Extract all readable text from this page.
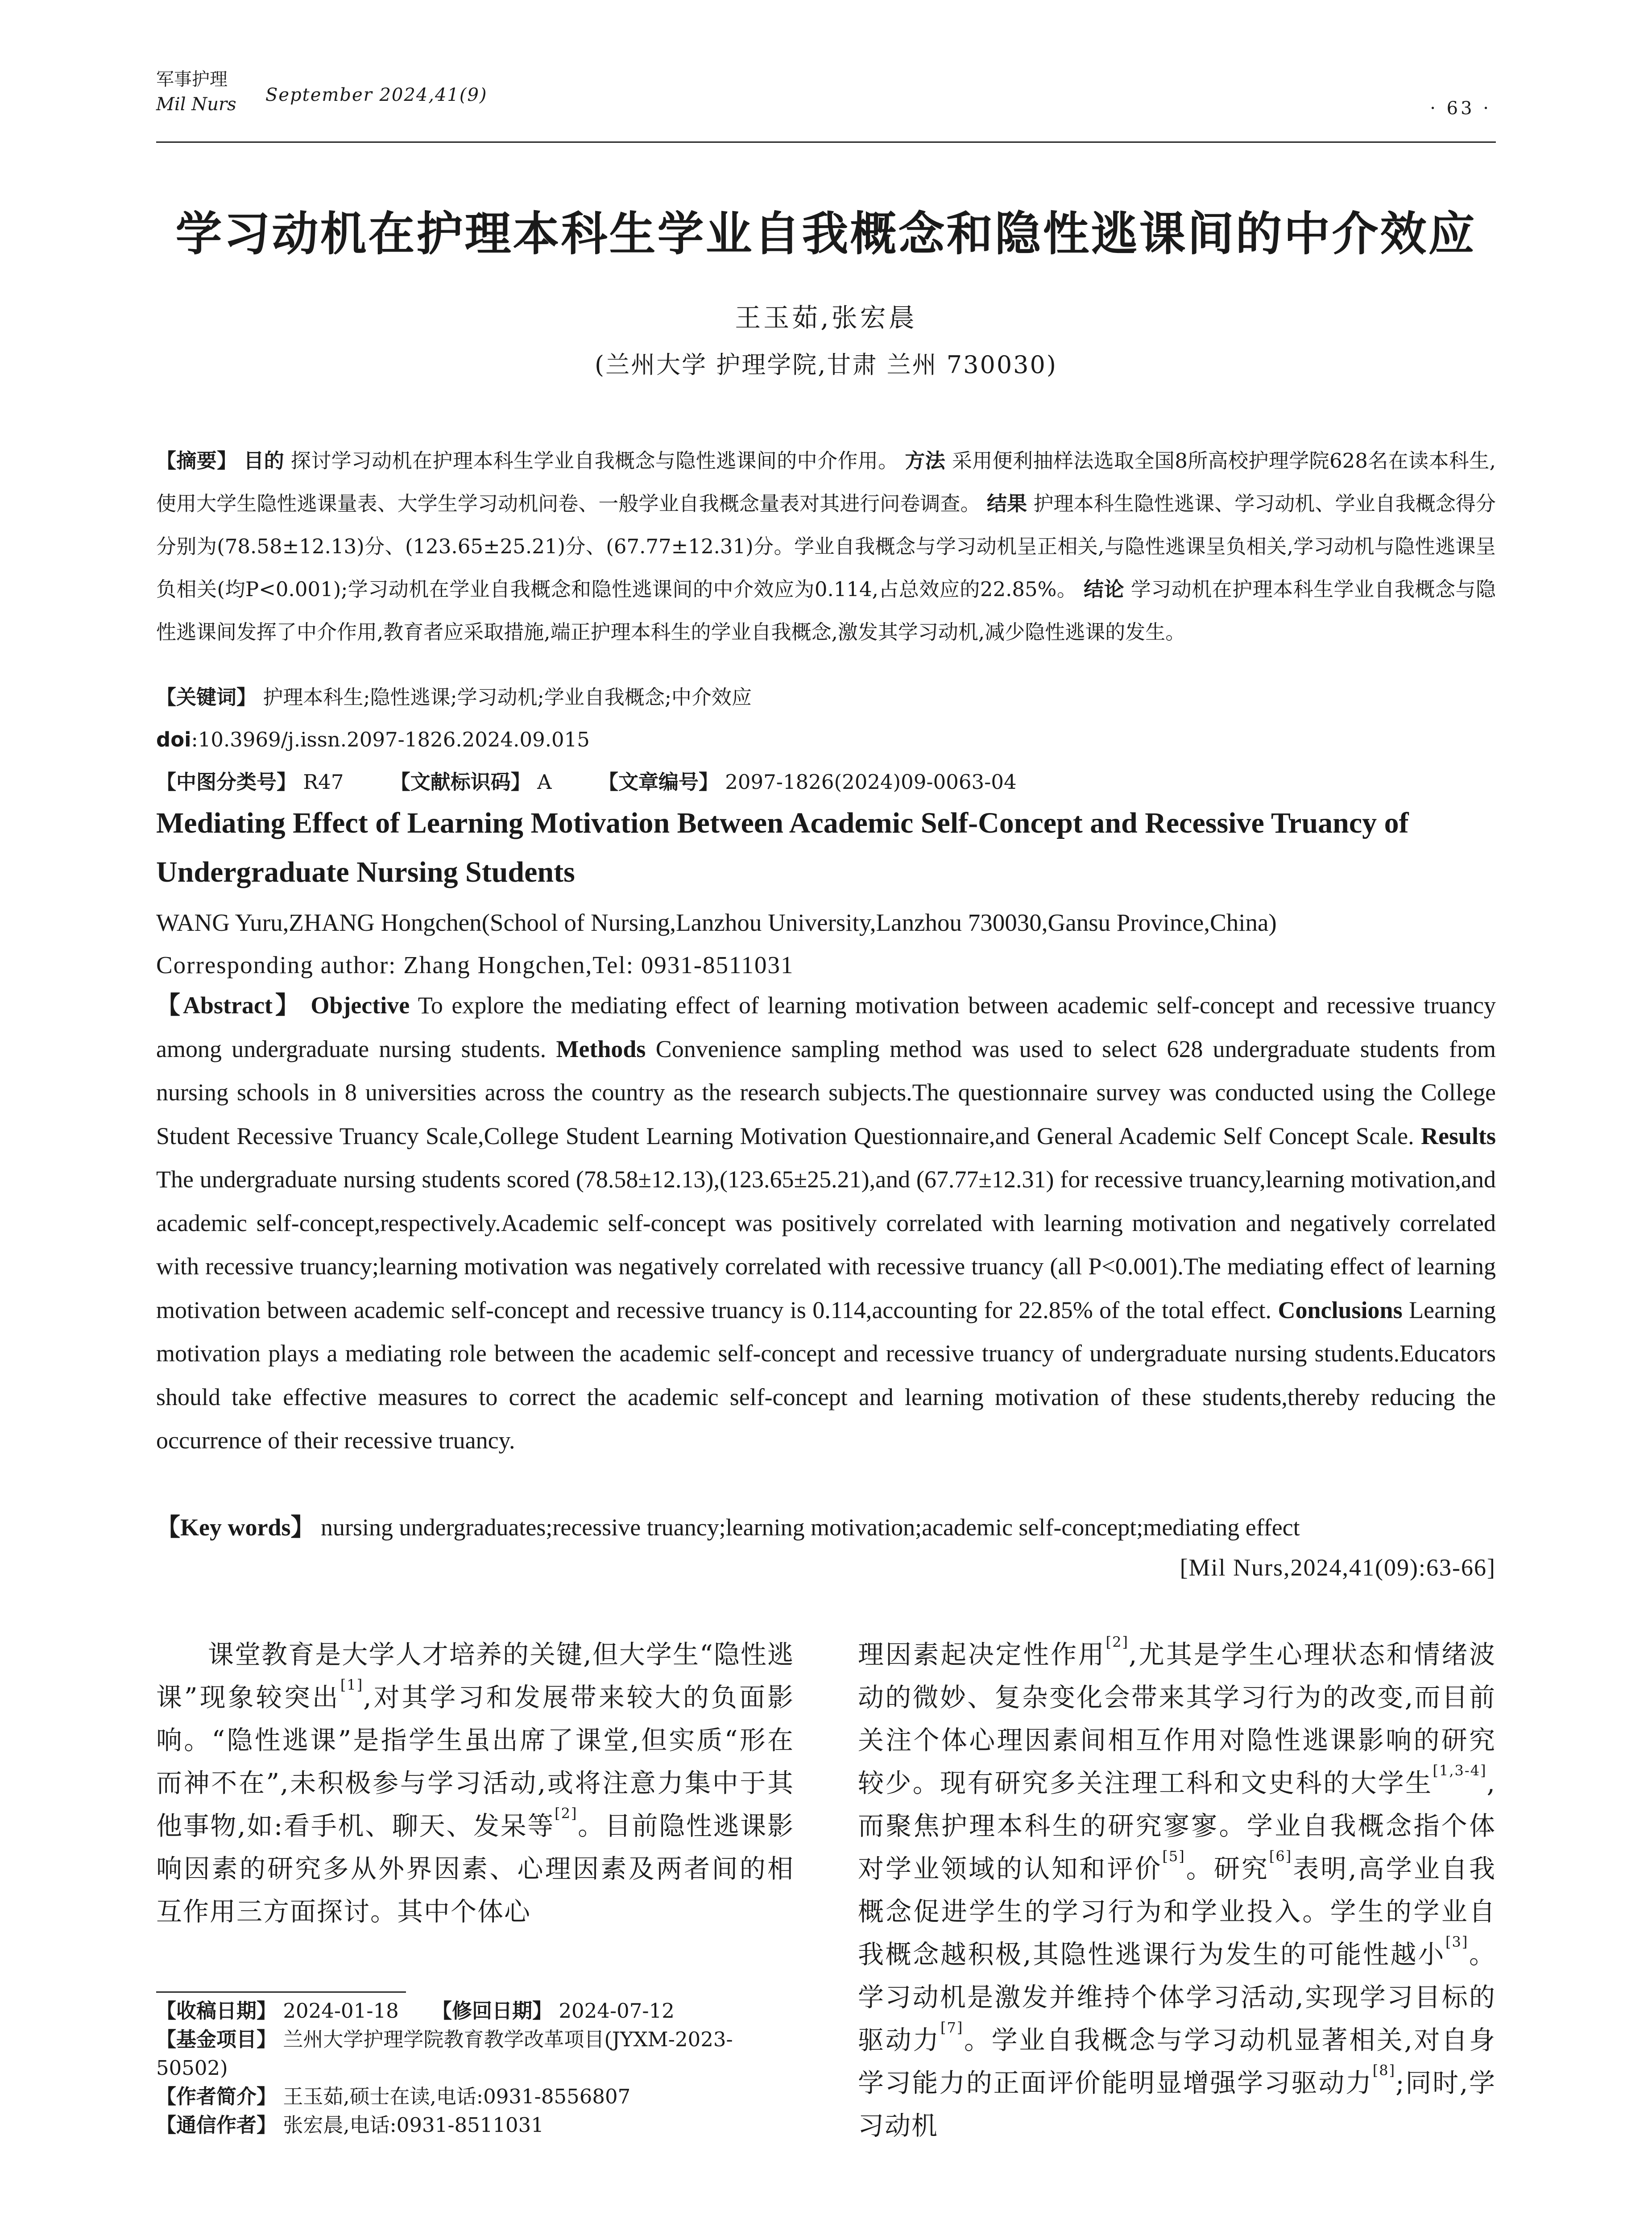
军事护理
Mil Nurs September 2024,41(9)
· 63 ·
学习动机在护理本科生学业自我概念和隐性逃课间的中介效应
王玉茹,张宏晨
(兰州大学 护理学院,甘肃 兰州 730030)
【摘要】 目的 探讨学习动机在护理本科生学业自我概念与隐性逃课间的中介作用。 方法 采用便利抽样法选取全国8所高校护理学院628名在读本科生,使用大学生隐性逃课量表、大学生学习动机问卷、一般学业自我概念量表对其进行问卷调查。 结果 护理本科生隐性逃课、学习动机、学业自我概念得分分别为(78.58±12.13)分、(123.65±25.21)分、(67.77±12.31)分。学业自我概念与学习动机呈正相关,与隐性逃课呈负相关,学习动机与隐性逃课呈负相关(均P<0.001);学习动机在学业自我概念和隐性逃课间的中介效应为0.114,占总效应的22.85%。 结论 学习动机在护理本科生学业自我概念与隐性逃课间发挥了中介作用,教育者应采取措施,端正护理本科生的学业自我概念,激发其学习动机,减少隐性逃课的发生。
【关键词】 护理本科生;隐性逃课;学习动机;学业自我概念;中介效应
doi:10.3969/j.issn.2097-1826.2024.09.015
【中图分类号】 R47 【文献标识码】 A 【文章编号】 2097-1826(2024)09-0063-04
Mediating Effect of Learning Motivation Between Academic Self-Concept and Recessive Truancy of Undergraduate Nursing Students
WANG Yuru,ZHANG Hongchen(School of Nursing,Lanzhou University,Lanzhou 730030,Gansu Province,China)
Corresponding author: Zhang Hongchen,Tel: 0931-8511031
【Abstract】 Objective To explore the mediating effect of learning motivation between academic self-concept and recessive truancy among undergraduate nursing students. Methods Convenience sampling method was used to select 628 undergraduate students from nursing schools in 8 universities across the country as the research subjects.The questionnaire survey was conducted using the College Student Recessive Truancy Scale,College Student Learning Motivation Questionnaire,and General Academic Self Concept Scale. Results The undergraduate nursing students scored (78.58±12.13),(123.65±25.21),and (67.77±12.31) for recessive truancy,learning motivation,and academic self-concept,respectively.Academic self-concept was positively correlated with learning motivation and negatively correlated with recessive truancy;learning motivation was negatively correlated with recessive truancy (all P<0.001).The mediating effect of learning motivation between academic self-concept and recessive truancy is 0.114,accounting for 22.85% of the total effect. Conclusions Learning motivation plays a mediating role between the academic self-concept and recessive truancy of undergraduate nursing students.Educators should take effective measures to correct the academic self-concept and learning motivation of these students,thereby reducing the occurrence of their recessive truancy.
【Key words】 nursing undergraduates;recessive truancy;learning motivation;academic self-concept;mediating effect
[Mil Nurs,2024,41(09):63-66]

课堂教育是大学人才培养的关键,但大学生“隐性逃课”现象较突出[1],对其学习和发展带来较大的负面影响。“隐性逃课”是指学生虽出席了课堂,但实质“形在而神不在”,未积极参与学习活动,或将注意力集中于其他事物,如:看手机、聊天、发呆等[2]。目前隐性逃课影响因素的研究多从外界因素、心理因素及两者间的相互作用三方面探讨。其中个体心

理因素起决定性作用[2],尤其是学生心理状态和情绪波动的微妙、复杂变化会带来其学习行为的改变,而目前关注个体心理因素间相互作用对隐性逃课影响的研究较少。现有研究多关注理工科和文史科的大学生[1,3-4],而聚焦护理本科生的研究寥寥。学业自我概念指个体对学业领域的认知和评价[5]。研究[6]表明,高学业自我概念促进学生的学习行为和学业投入。学生的学业自我概念越积极,其隐性逃课行为发生的可能性越小[3]。学习动机是激发并维持个体学习活动,实现学习目标的驱动力[7]。学业自我概念与学习动机显著相关,对自身学习能力的正面评价能明显增强学习驱动力[8];同时,学习动机

【收稿日期】 2024-01-18 【修回日期】 2024-07-12
【基金项目】 兰州大学护理学院教育教学改革项目(JYXM-2023-50502)
【作者简介】 王玉茹,硕士在读,电话:0931-8556807
【通信作者】 张宏晨,电话:0931-8511031
